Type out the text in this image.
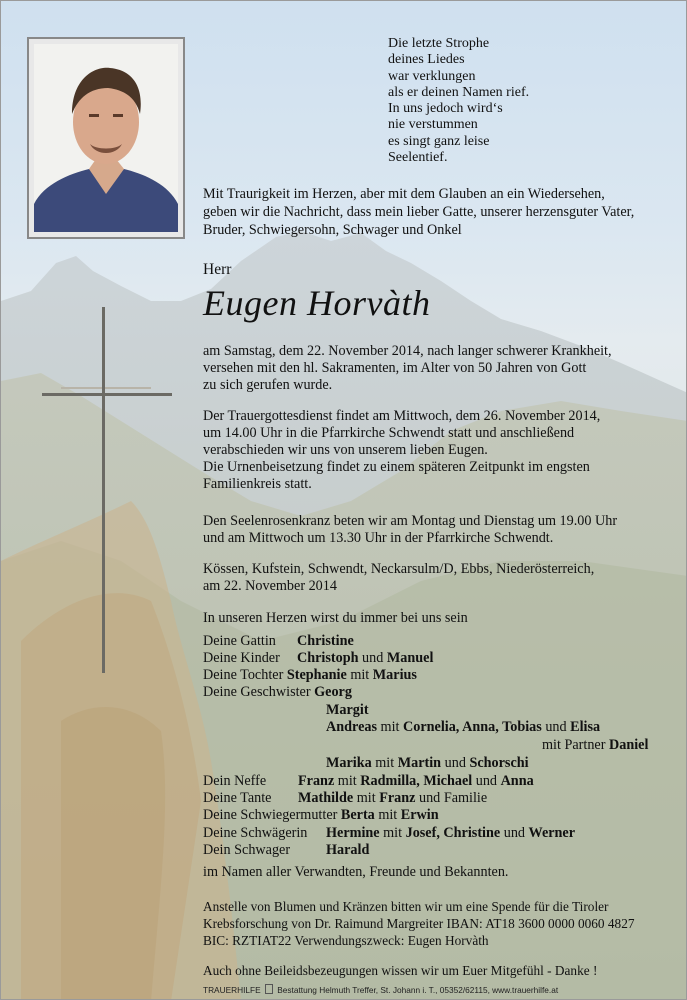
Die letzte Strophe
deines Liedes
war verklungen
als er deinen Namen rief.
In uns jedoch wird‘s
nie verstummen
es singt ganz leise
Seelentief.
Mit Traurigkeit im Herzen, aber mit dem Glauben an ein Wiedersehen,
geben wir die Nachricht, dass mein lieber Gatte, unserer herzensguter Vater,
Bruder, Schwiegersohn, Schwager und Onkel
Herr
Eugen Horvàth
am Samstag, dem 22. November 2014, nach langer schwerer Krankheit,
versehen mit den hl. Sakramenten, im Alter von 50 Jahren von Gott
zu sich gerufen wurde.
Der Trauergottesdienst findet am Mittwoch, dem 26. November 2014,
um 14.00 Uhr in die Pfarrkirche Schwendt statt und anschließend
verabschieden wir uns von unserem lieben Eugen.
Die Urnenbeisetzung findet zu einem späteren Zeitpunkt im engsten
Familienkreis statt.
Den Seelenrosenkranz beten wir am Montag und Dienstag um 19.00 Uhr
und am Mittwoch um 13.30 Uhr in der Pfarrkirche Schwendt.
Kössen, Kufstein, Schwendt, Neckarsulm/D, Ebbs, Niederösterreich,
am 22. November 2014
In unseren Herzen wirst du immer bei uns sein
Deine Gattin Christine
Deine Kinder Christoph und Manuel
Deine Tochter Stephanie mit Marius
Deine Geschwister Georg
Margit
Andreas mit Cornelia, Anna, Tobias und Elisa
mit Partner Daniel
Marika mit Martin und Schorschi
Dein Neffe Franz mit Radmilla, Michael und Anna
Deine Tante Mathilde mit Franz und Familie
Deine Schwiegermutter Berta mit Erwin
Deine Schwägerin Hermine mit Josef, Christine und Werner
Dein Schwager	Harald
im Namen aller Verwandten, Freunde und Bekannten.
Anstelle von Blumen und Kränzen bitten wir um eine Spende für die Tiroler
Krebsforschung von Dr. Raimund Margreiter IBAN: AT18 3600 0000 0060 4827
BIC: RZTIAT22 Verwendungszweck: Eugen Horvàth
Auch ohne Beileidsbezeugungen wissen wir um Euer Mitgefühl - Danke !
TRAUERHILFE Bestattung Helmuth Treffer, St. Johann i. T., 05352/62115, www.trauerhilfe.at
